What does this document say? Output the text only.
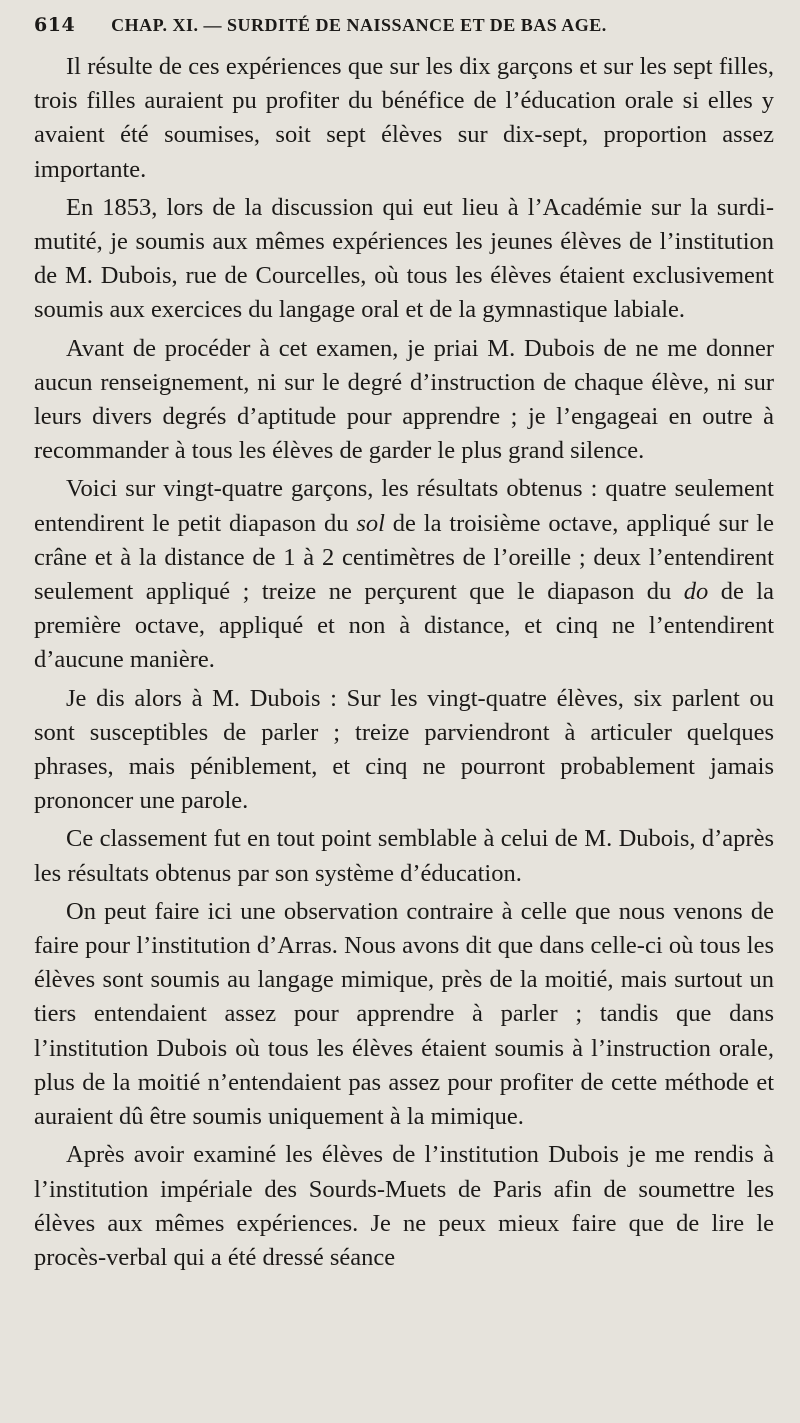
614 CHAP. XI. — SURDITÉ DE NAISSANCE ET DE BAS AGE.

Il résulte de ces expériences que sur les dix garçons et sur les sept filles, trois filles auraient pu profiter du bénéfice de l’éducation orale si elles y avaient été soumises, soit sept élèves sur dix-sept, proportion assez importante.

En 1853, lors de la discussion qui eut lieu à l’Académie sur la surdi-mutité, je soumis aux mêmes expériences les jeunes élèves de l’institution de M. Dubois, rue de Courcelles, où tous les élèves étaient exclusivement soumis aux exercices du langage oral et de la gymnastique labiale.

Avant de procéder à cet examen, je priai M. Dubois de ne me donner aucun renseignement, ni sur le degré d’instruction de chaque élève, ni sur leurs divers degrés d’aptitude pour apprendre ; je l’engageai en outre à recommander à tous les élèves de garder le plus grand silence.

Voici sur vingt-quatre garçons, les résultats obtenus : quatre seulement entendirent le petit diapason du sol de la troisième octave, appliqué sur le crâne et à la distance de 1 à 2 centimètres de l’oreille ; deux l’entendirent seulement appliqué ; treize ne perçurent que le diapason du do de la première octave, appliqué et non à distance, et cinq ne l’entendirent d’aucune manière.

Je dis alors à M. Dubois : Sur les vingt-quatre élèves, six parlent ou sont susceptibles de parler ; treize parviendront à articuler quelques phrases, mais péniblement, et cinq ne pourront probablement jamais prononcer une parole.

Ce classement fut en tout point semblable à celui de M. Dubois, d’après les résultats obtenus par son système d’éducation.

On peut faire ici une observation contraire à celle que nous venons de faire pour l’institution d’Arras. Nous avons dit que dans celle-ci où tous les élèves sont soumis au langage mimique, près de la moitié, mais surtout un tiers entendaient assez pour apprendre à parler ; tandis que dans l’institution Dubois où tous les élèves étaient soumis à l’instruction orale, plus de la moitié n’entendaient pas assez pour profiter de cette méthode et auraient dû être soumis uniquement à la mimique.

Après avoir examiné les élèves de l’institution Dubois je me rendis à l’institution impériale des Sourds-Muets de Paris afin de soumettre les élèves aux mêmes expériences. Je ne peux mieux faire que de lire le procès-verbal qui a été dressé séance
